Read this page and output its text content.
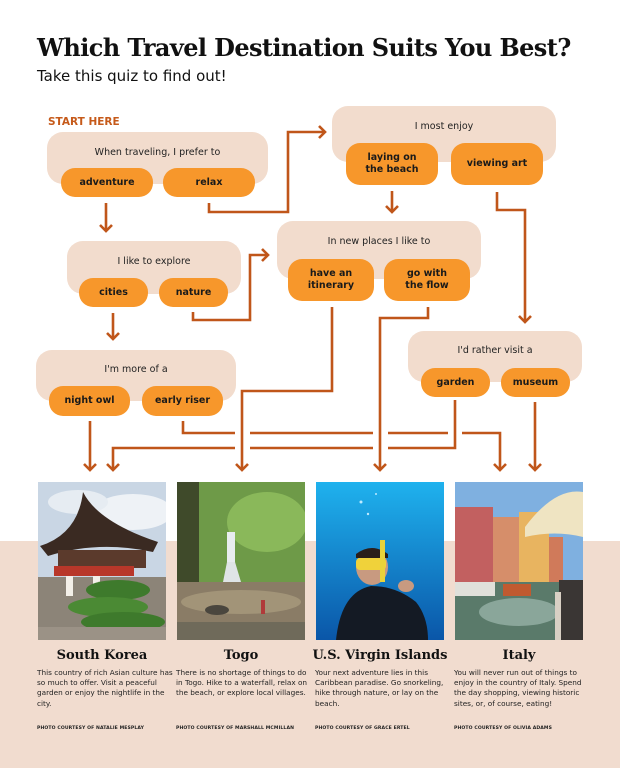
Which Travel Destination Suits You Best?
Take this quiz to find out!
START HERE
When traveling, I prefer to
adventure	relax
I most enjoy
laying on the beach
viewing art
I like to explore
cities	nature
In new places I like to
have an itinerary
go with the flow
I'm more of a
night owl	early riser
I'd rather visit a
garden	museum
South Korea
This country of rich Asian culture has so much to offer. Visit a peaceful garden or enjoy the nightlife in the city.
PHOTO COURTESY OF NATALIE MESPLAY
Togo
There is no shortage of things to do in Togo. Hike to a waterfall, relax on the beach, or explore local villages.
PHOTO COURTESY OF MARSHALL MCMILLAN
U.S. Virgin Islands
Your next adventure lies in this Caribbean paradise. Go snorkeling, hike through nature, or lay on the beach.
PHOTO COURTESY OF GRACE ERTEL
Italy
You will never run out of things to enjoy in the country of Italy. Spend the day shopping, viewing historic sites, or, of course, eating!
PHOTO COURTESY OF OLIVIA ADAMS
